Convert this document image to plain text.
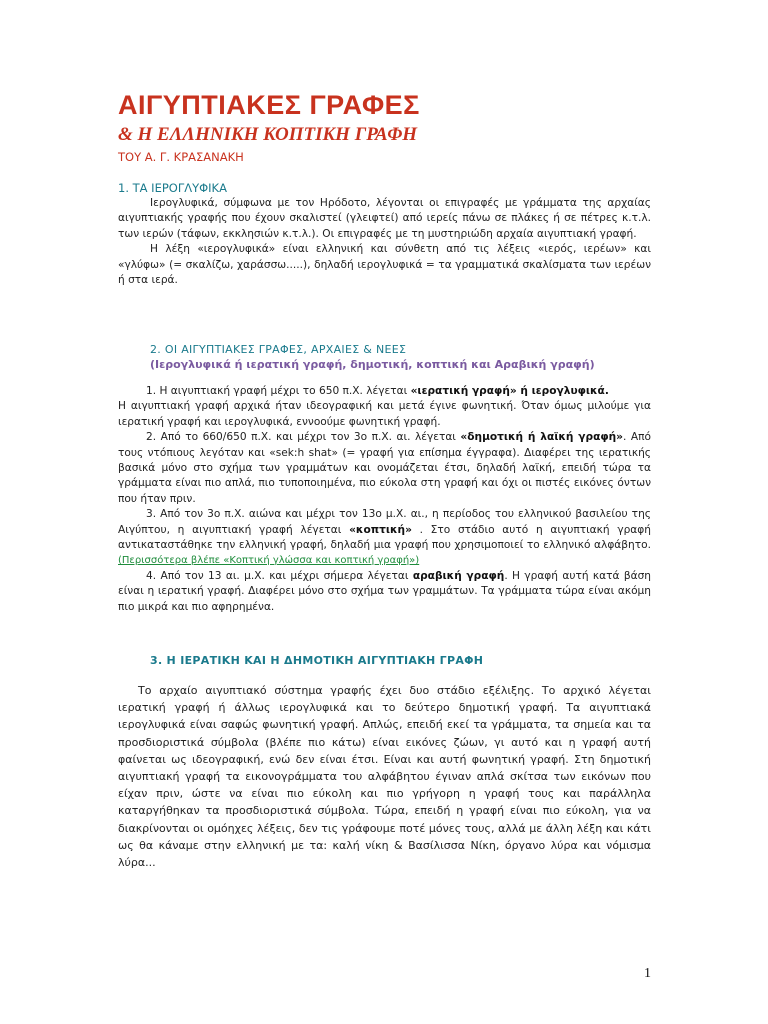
ΑΙΓΥΠΤΙΑΚΕΣ ΓΡΑΦΕΣ
& Η ΕΛΛΗΝΙΚΗ ΚΟΠΤΙΚΗ ΓΡΑΦΗ
ΤΟΥ Α. Γ. ΚΡΑΣΑΝΑΚΗ
1. ΤΑ ΙΕΡΟΓΛΥΦΙΚΑ

Ιερογλυφικά, σύμφωνα με τον Ηρόδοτο, λέγονται οι επιγραφές με γράμματα της αρχαίας αιγυπτιακής γραφής που έχουν σκαλιστεί (γλειφτεί) από ιερείς πάνω σε πλάκες ή σε πέτρες κ.τ.λ. των ιερών (τάφων, εκκλησιών κ.τ.λ.). Οι επιγραφές με τη μυστηριώδη αρχαία αιγυπτιακή γραφή.

Η λέξη «ιερογλυφικά» είναι ελληνική και σύνθετη από τις λέξεις «ιερός, ιερέων» και «γλύφω» (= σκαλίζω, χαράσσω.....), δηλαδή ιερογλυφικά = τα γραμματικά σκαλίσματα των ιερέων ή στα ιερά.

2. ΟΙ ΑΙΓΥΠΤΙΑΚΕΣ ΓΡΑΦΕΣ, ΑΡΧΑΙΕΣ & ΝΕΕΣ
(Ιερογλυφικά ή ιερατική γραφή, δημοτική, κοπτική και Αραβική γραφή)

1. Η αιγυπτιακή γραφή μέχρι το 650 π.Χ. λέγεται «ιερατική γραφή» ή ιερογλυφικά.

Η αιγυπτιακή γραφή αρχικά ήταν ιδεογραφική και μετά έγινε φωνητική. Όταν όμως μιλούμε για ιερατική γραφή και ιερογλυφικά, εννοούμε φωνητική γραφή.

2. Από το 660/650 π.Χ. και μέχρι τον 3ο π.Χ. αι. λέγεται «δημοτική ή λαϊκή γραφή». Από τους ντόπιους λεγόταν και «sek:h shat» (= γραφή για επίσημα έγγραφα). Διαφέρει της ιερατικής βασικά μόνο στο σχήμα των γραμμάτων και ονομάζεται έτσι, δηλαδή λαϊκή, επειδή τώρα τα γράμματα είναι πιο απλά, πιο τυποποιημένα, πιο εύκολα στη γραφή και όχι οι πιστές εικόνες όντων που ήταν πριν.

3. Από τον 3ο π.Χ. αιώνα και μέχρι τον 13ο μ.Χ. αι., η περίοδος του ελληνικού βασιλείου της Αιγύπτου, η αιγυπτιακή γραφή λέγεται «κοπτική» . Στο στάδιο αυτό η αιγυπτιακή γραφή αντικαταστάθηκε την ελληνική γραφή, δηλαδή μια γραφή που χρησιμοποιεί το ελληνικό αλφάβητο.(Περισσότερα βλέπε «Κοπτική γλώσσα και κοπτική γραφή»)

4. Από τον 13 αι. μ.Χ. και μέχρι σήμερα λέγεται αραβική γραφή. Η γραφή αυτή κατά βάση είναι η ιερατική γραφή. Διαφέρει μόνο στο σχήμα των γραμμάτων. Τα γράμματα τώρα είναι ακόμη πιο μικρά και πιο αφηρημένα.

3. Η ΙΕΡΑΤΙΚΗ ΚΑΙ Η ΔΗΜΟΤΙΚΗ ΑΙΓΥΠΤΙΑΚΗ ΓΡΑΦΗ

Το αρχαίο αιγυπτιακό σύστημα γραφής έχει δυο στάδιο εξέλιξης. Το αρχικό λέγεται ιερατική γραφή ή άλλως ιερογλυφικά και το δεύτερο δημοτική γραφή. Τα αιγυπτιακά ιερογλυφικά είναι σαφώς φωνητική γραφή. Απλώς, επειδή εκεί τα γράμματα, τα σημεία και τα προσδιοριστικά σύμβολα (βλέπε πιο κάτω) είναι εικόνες ζώων, γι αυτό και η γραφή αυτή φαίνεται ως ιδεογραφική, ενώ δεν είναι έτσι. Είναι και αυτή φωνητική γραφή. Στη δημοτική αιγυπτιακή γραφή τα εικονογράμματα του αλφάβητου έγιναν απλά σκίτσα των εικόνων που είχαν πριν, ώστε να είναι πιο εύκολη και πιο γρήγορη η γραφή τους και παράλληλα καταργήθηκαν τα προσδιοριστικά σύμβολα. Τώρα, επειδή η γραφή είναι πιο εύκολη, για να διακρίνονται οι ομόηχες λέξεις, δεν τις γράφουμε ποτέ μόνες τους, αλλά με άλλη λέξη και κάτι ως θα κάναμε στην ελληνική με τα: καλή νίκη & Βασίλισσα Νίκη, όργανο λύρα και νόμισμα λύρα...

1
